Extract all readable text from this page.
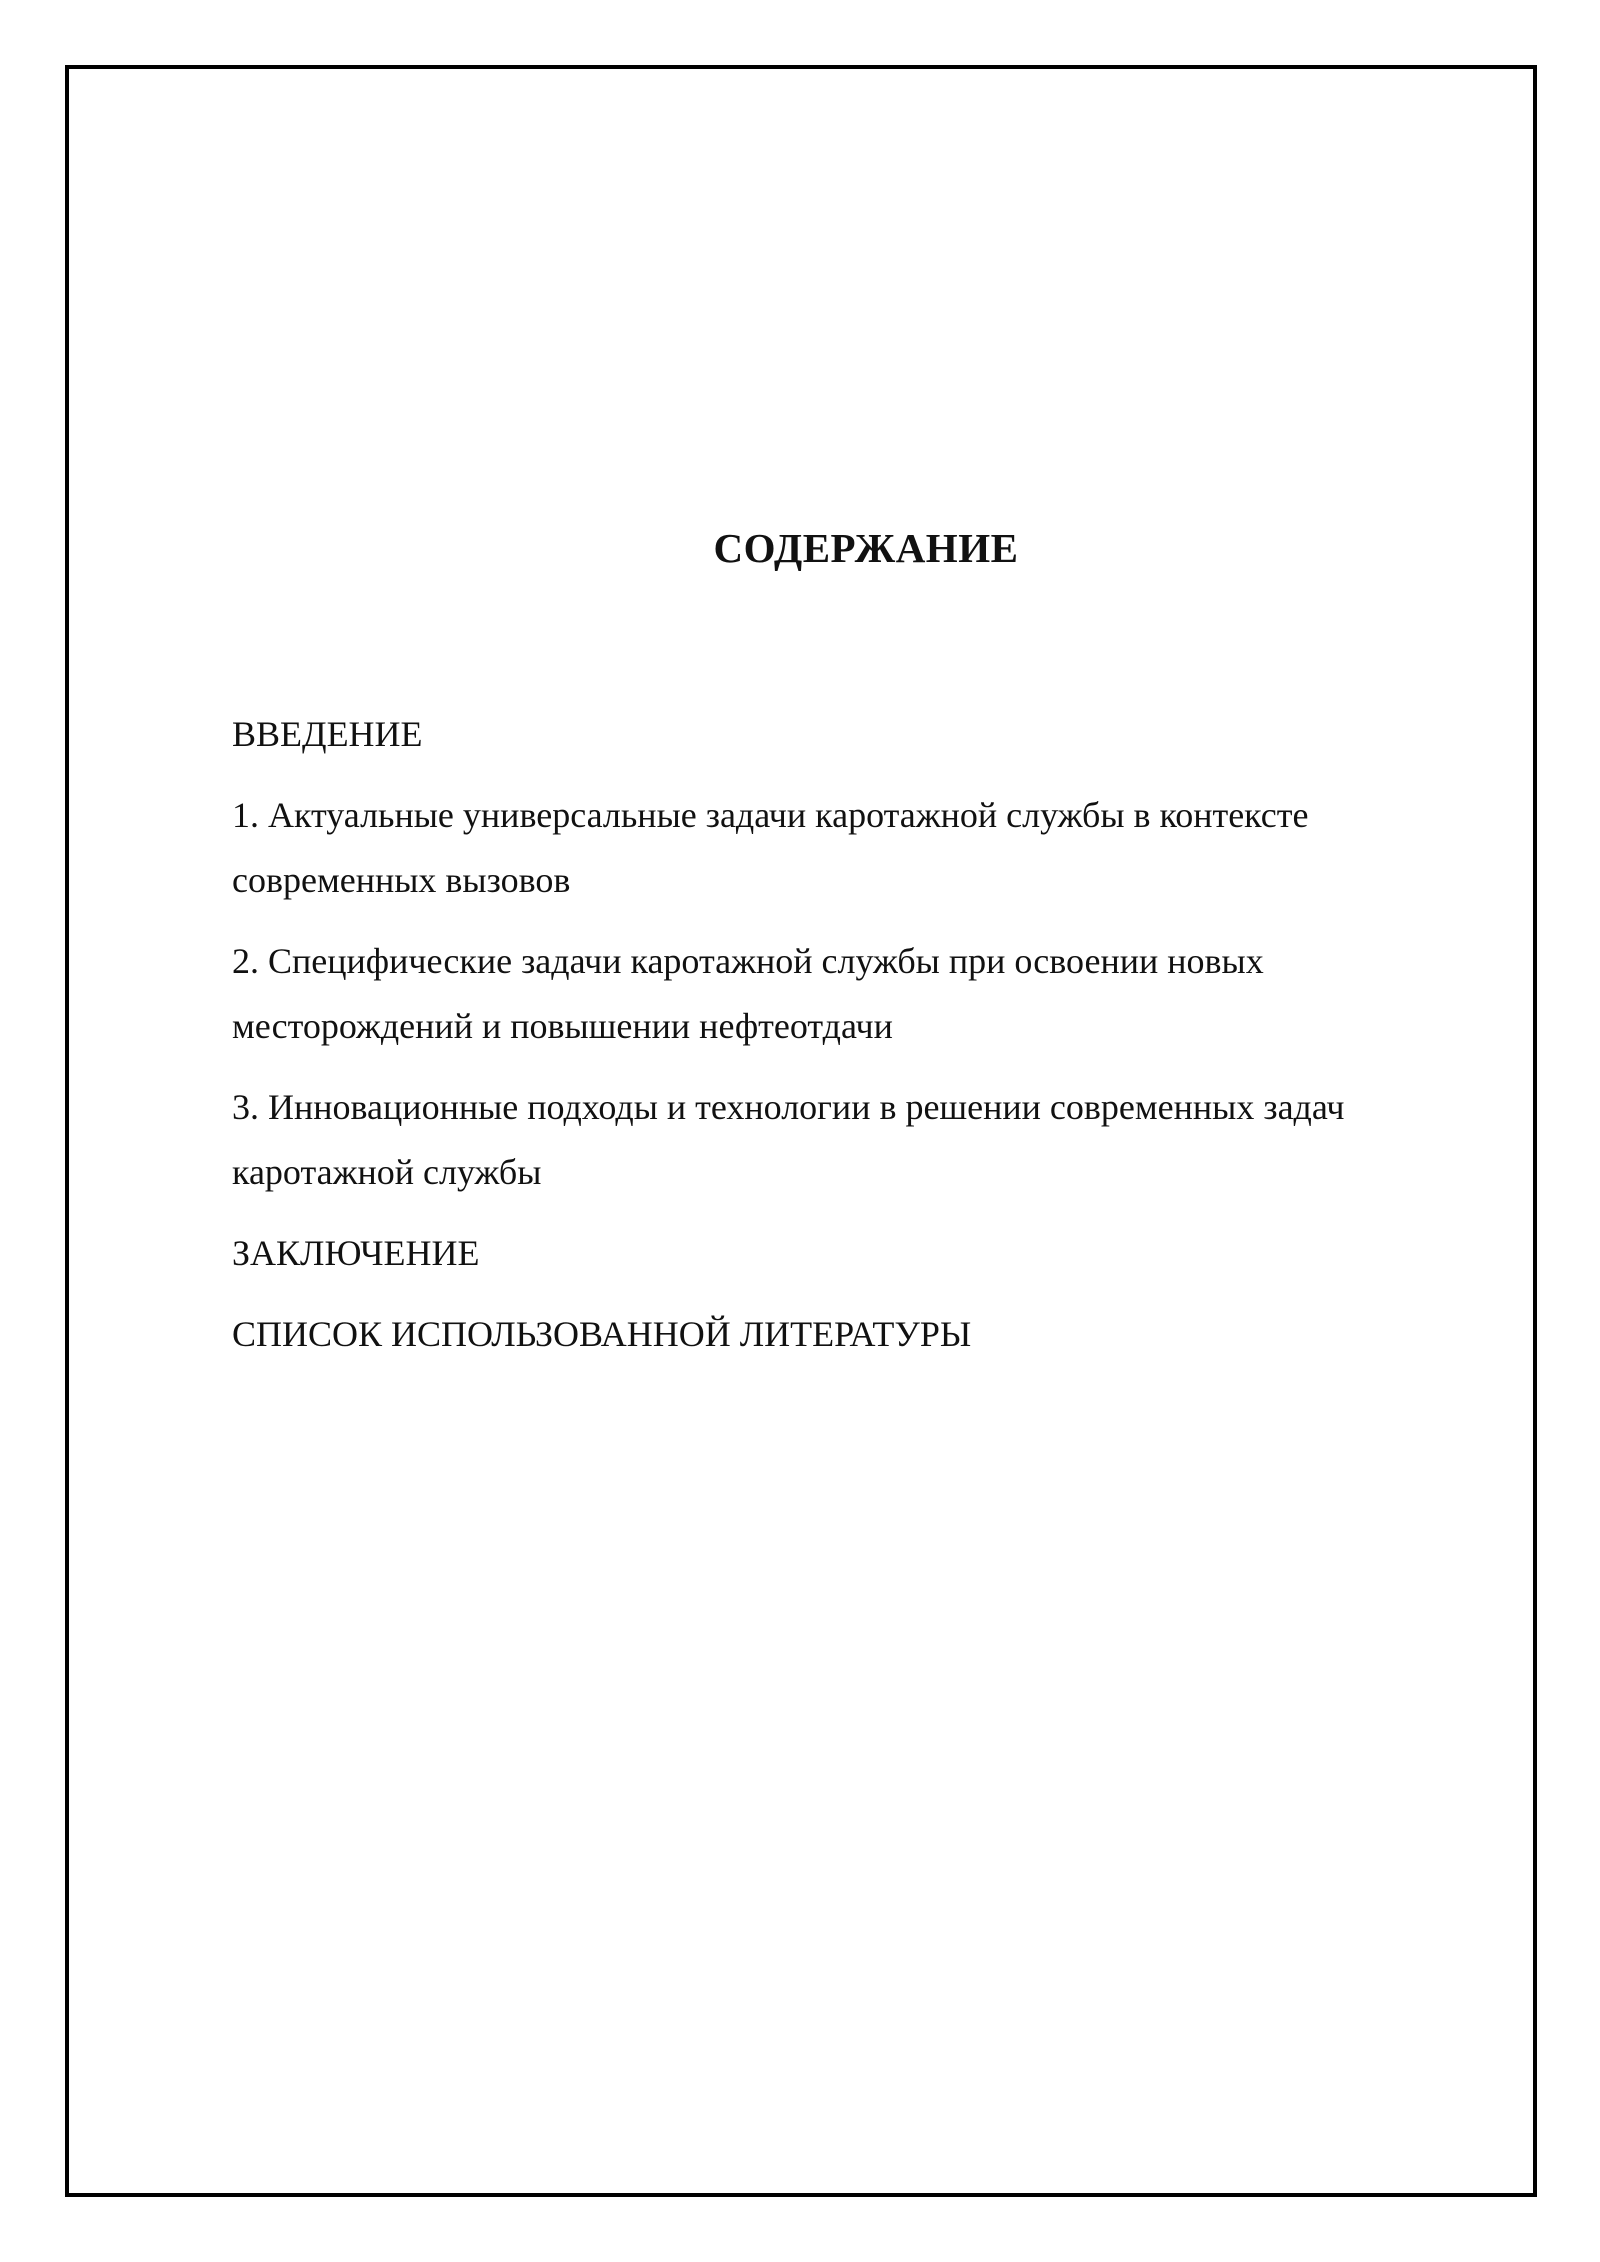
СОДЕРЖАНИЕ
ВВЕДЕНИЕ
1. Актуальные универсальные задачи каротажной службы в контексте современных вызовов
2. Специфические задачи каротажной службы при освоении новых месторождений и повышении нефтеотдачи
3. Инновационные подходы и технологии в решении современных задач каротажной службы
ЗАКЛЮЧЕНИЕ
СПИСОК ИСПОЛЬЗОВАННОЙ ЛИТЕРАТУРЫ
